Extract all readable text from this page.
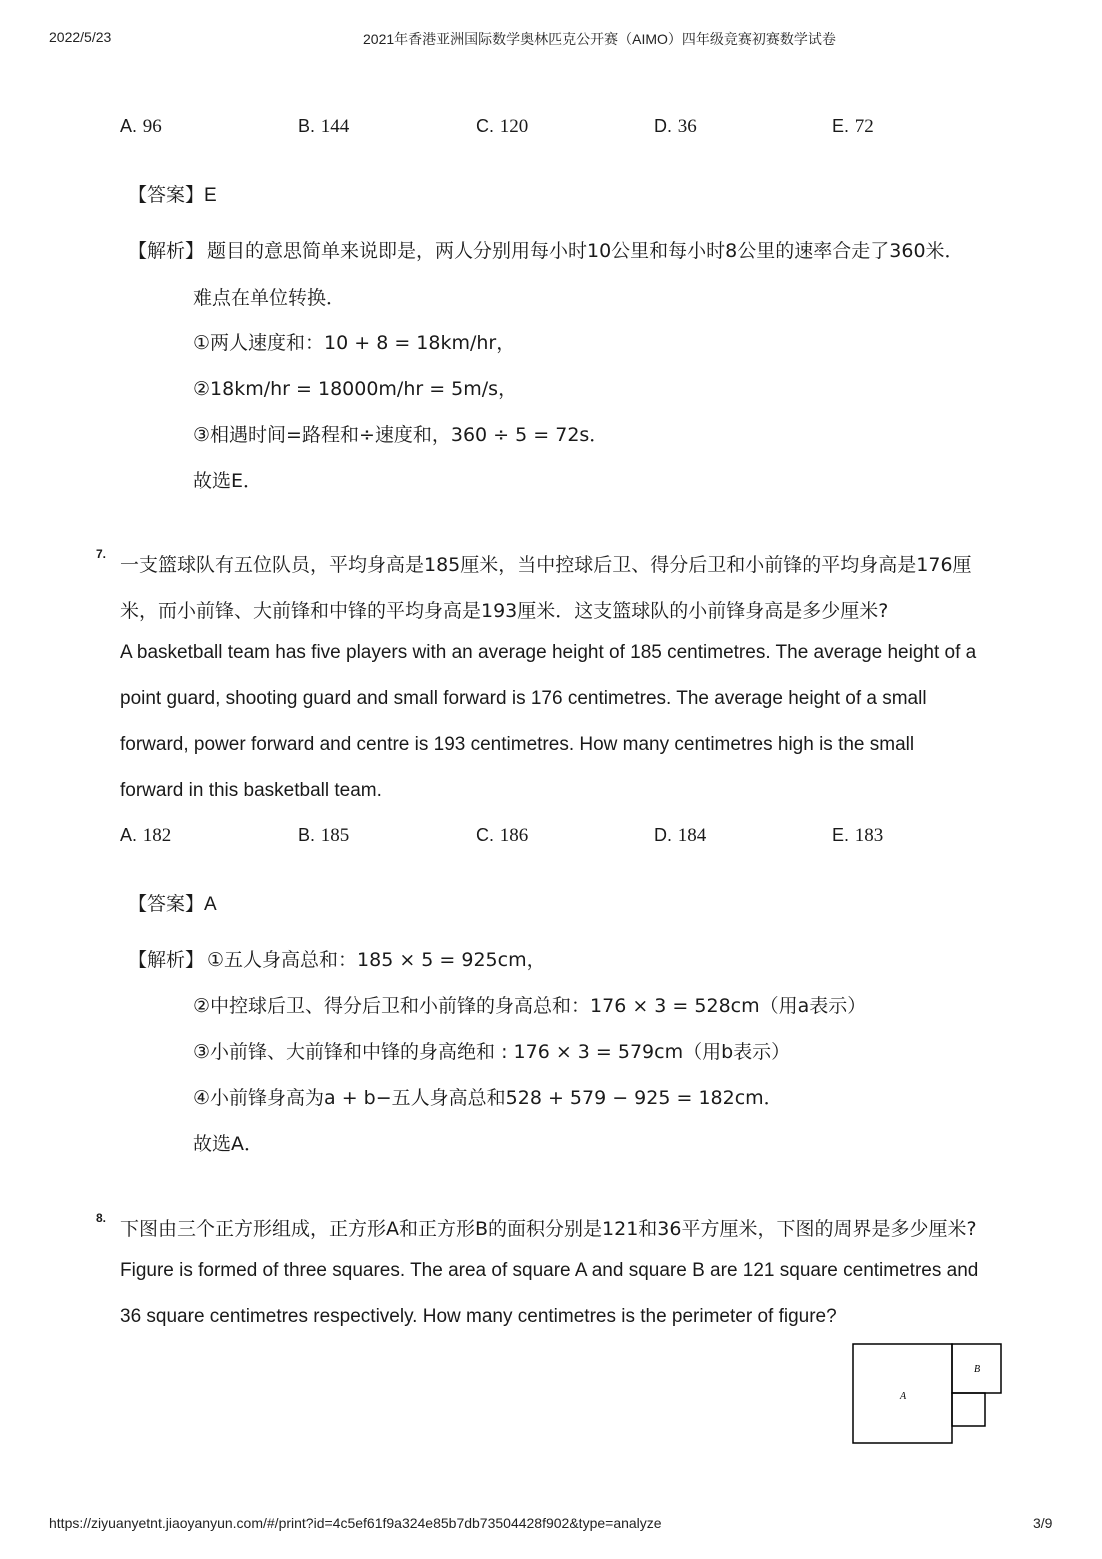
2022/5/23	2021年香港亚洲国际数学奥林匹克公开赛（AIMO）四年级竞赛初赛数学试卷
A. 96	B. 144	C. 120	D. 36	E. 72
【答案】E
【解析】 题目的意思简单来说即是，两人分别用每小时10公里和每小时8公里的速率合走了360米．
难点在单位转换．
①两人速度和：10 + 8 = 18km/hr，
②18km/hr = 18000m/hr = 5m/s，
③相遇时间=路程和÷速度和，360 ÷ 5 = 72s．
故选E．
7. 一支篮球队有五位队员，平均身高是185厘米，当中控球后卫、得分后卫和小前锋的平均身高是176厘
米，而小前锋、大前锋和中锋的平均身高是193厘米．这支篮球队的小前锋身高是多少厘米?
A basketball team has five players with an average height of 185 centimetres. The average height of a
point guard, shooting guard and small forward is 176 centimetres. The average height of a small
forward, power forward and centre is 193 centimetres. How many centimetres high is the small
forward in this basketball team.
A. 182	B. 185	C. 186	D. 184	E. 183
【答案】A
【解析】 ①五人身高总和：185 × 5 = 925cm，
②中控球后卫、得分后卫和小前锋的身高总和：176 × 3 = 528cm（用a表示）
③小前锋、大前锋和中锋的身高绝和 : 176 × 3 = 579cm（用b表示）
④小前锋身高为a + b−五人身高总和528 + 579 − 925 = 182cm．
故选A．
8. 下图由三个正方形组成，正方形A和正方形B的面积分别是121和36平方厘米，下图的周界是多少厘米?
Figure is formed of three squares. The area of square A and square B are 121 square centimetres and
36 square centimetres respectively. How many centimetres is the perimeter of figure?
A
B
https://ziyuanyetnt.jiaoyanyun.com/#/print?id=4c5ef61f9a324e85b7db73504428f902&type=analyze	3/9
